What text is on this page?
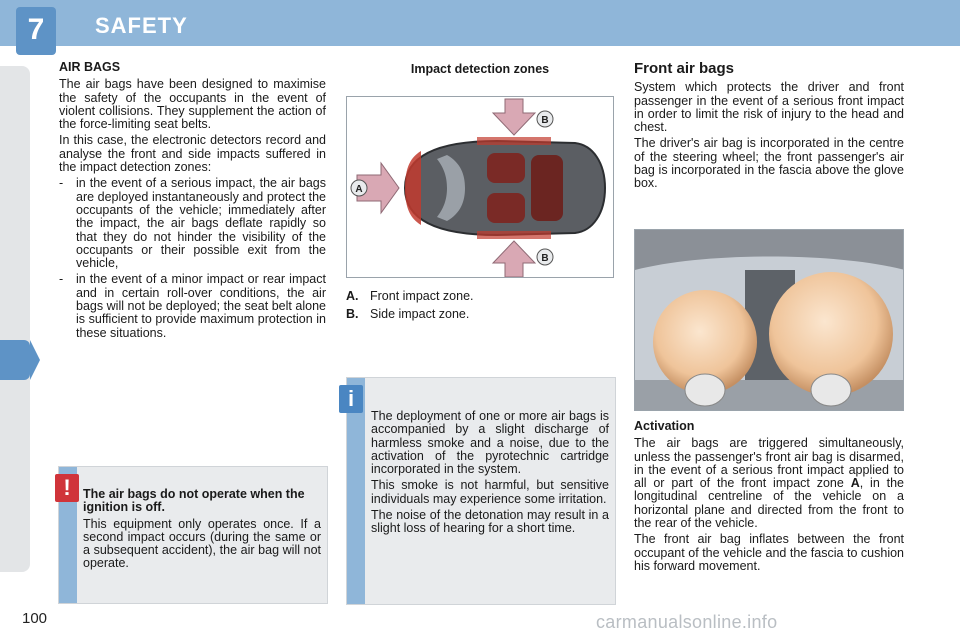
7	SAFETY
AIR BAGS

The air bags have been designed to maximise the safety of the occupants in the event of violent collisions. They supplement the action of the force-limiting seat belts.

In this case, the electronic detectors record and analyse the front and side impacts suffered in the impact detection zones:

-	in the event of a serious impact, the air bags are deployed instantaneously and protect the occupants of the vehicle; immediately after the impact, the air bags deflate rapidly so that they do not hinder the visibility of the occupants or their possible exit from the vehicle,
-	in the event of a minor impact or rear impact and in certain roll-over conditions, the air bags will not be deployed; the seat belt alone is sufficient to provide maximum protection in these situations.
! The air bags do not operate when the ignition is off.

This equipment only operates once. If a second impact occurs (during the same or a subsequent accident), the air bag will not operate.

Impact detection zones
A
B
B
A. Front impact zone.
B. Side impact zone.
i

The deployment of one or more air bags is accompanied by a slight discharge of harmless smoke and a noise, due to the activation of the pyrotechnic cartridge incorporated in the system.

This smoke is not harmful, but sensitive individuals may experience some irritation.

The noise of the detonation may result in a slight loss of hearing for a short time.

Front air bags

System which protects the driver and front passenger in the event of a serious front impact in order to limit the risk of injury to the head and chest.

The driver's air bag is incorporated in the centre of the steering wheel; the front passenger's air bag is incorporated in the fascia above the glove box.

Activation

The air bags are triggered simultaneously, unless the passenger's front air bag is disarmed, in the event of a serious front impact applied to all or part of the front impact zone A, in the longitudinal centreline of the vehicle on a horizontal plane and directed from the front to the rear of the vehicle.

The front air bag inflates between the front occupant of the vehicle and the fascia to cushion his forward movement.

100	carmanualsonline.info
